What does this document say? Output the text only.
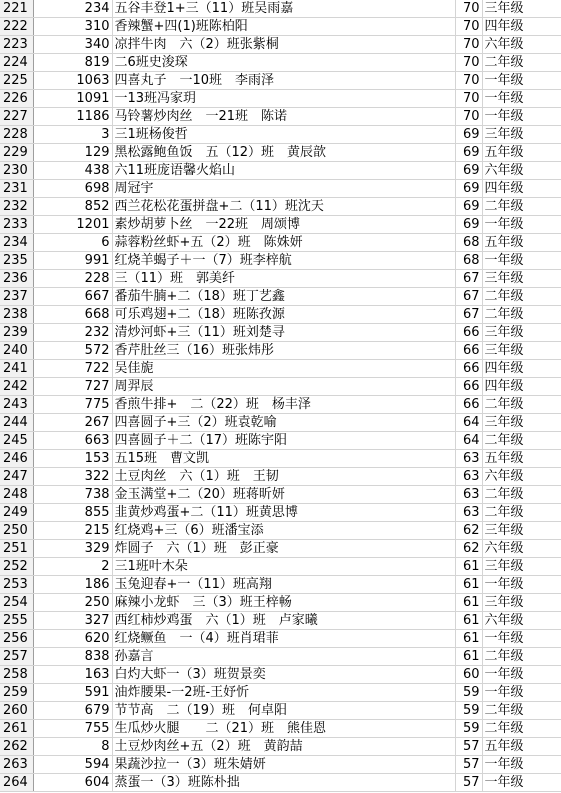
221	234	五谷丰登1+三（11）班吴雨嘉	70	三年级
222	310	香辣蟹+四(1)班陈柏阳	70	四年级
223	340	凉拌牛肉　六（2）班张紫桐	70	六年级
224	819	二6班史浚琛	70	二年级
225	1063	四喜丸子　一10班　李雨泽	70	一年级
226	1091	一13班冯家玥	70	一年级
227	1186	马铃薯炒肉丝　一21班　陈诺	70	一年级
228	3	三1班杨俊哲	69	三年级
229	129	黑松露鲍鱼饭　五（12）班　黄辰歆	69	五年级
230	438	六11班庞语馨火焰山	69	六年级
231	698	周冠宇	69	四年级
232	852	西兰花松花蛋拼盘+二（11）班沈天	69	二年级
233	1201	素炒胡萝卜丝　一22班　周颂博	69	一年级
234	6	蒜蓉粉丝虾+五（2）班　陈姝妍	68	五年级
235	991	红烧羊蝎子＋一（7）班李梓航	68	一年级
236	228	三（11）班　郭美纤	67	三年级
237	667	番茄牛腩+二（18）班丁艺鑫	67	二年级
238	668	可乐鸡翅+二（18）班陈孜源	67	二年级
239	232	清炒河虾+三（11）班刘楚寻	66	三年级
240	572	香芹肚丝三（16）班张炜彤	66	三年级
241	722	吴佳旎	66	四年级
242	727	周羿辰	66	四年级
243	775	香煎牛排+　二（22）班　杨丰泽	66	二年级
244	267	四喜圆子+三（2）班袁乾喻	64	三年级
245	663	四喜圆子＋二（17）班陈宇阳	64	二年级
246	153	五15班　曹文凯	63	五年级
247	322	土豆肉丝　六（1）班　王韧	63	六年级
248	738	金玉满堂+二（20）班蒋昕妍	63	二年级
249	855	韭黄炒鸡蛋+二（11）班黄思博	63	二年级
250	215	红烧鸡+三（6）班潘宝添	62	三年级
251	329	炸圆子　六（1）班　彭正豪	62	六年级
252	2	三1班叶木朵	61	三年级
253	186	玉兔迎春+一（11）班高翔	61	一年级
254	250	麻辣小龙虾　三（3）班王梓畅	61	三年级
255	327	西红柿炒鸡蛋　六（1）班　卢家曦	61	六年级
256	620	红烧鳜鱼　一（4）班肖珺菲	61	一年级
257	838	孙嘉言	61	二年级
258	163	白灼大虾一（3）班贺景奕	60	一年级
259	591	油炸腰果-一2班-王妤忻	59	一年级
260	679	节节高　二（19）班　何卓阳	59	二年级
261	755	生瓜炒火腿　　二（21）班　熊佳恩	59	二年级
262	8	土豆炒肉丝+五（2）班　黄韵喆	57	五年级
263	594	果蔬沙拉一（3）班朱婧妍	57	一年级
264	604	蒸蛋一（3）班陈朴拙	57	一年级
